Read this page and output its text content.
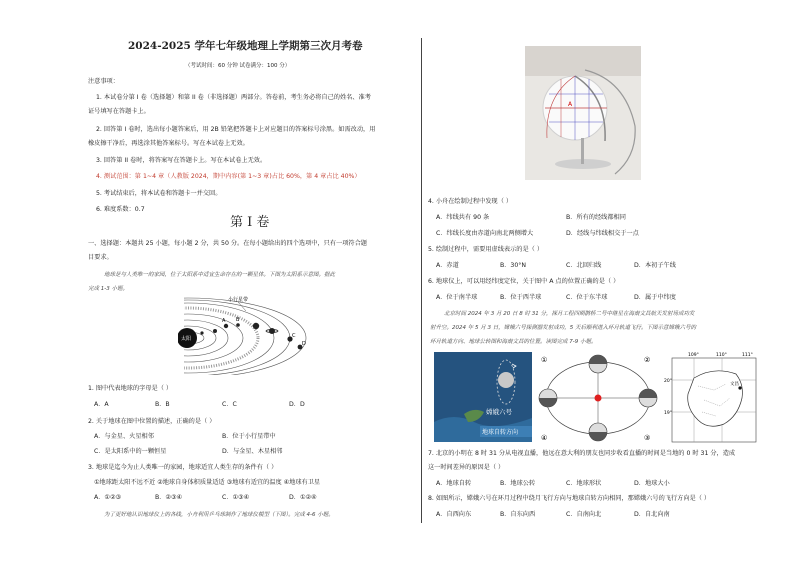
2024-2025 学年七年级地理上学期第三次月考卷
（考试时间：60 分钟 试卷满分：100 分）
注意事项：
1. 本试卷分第 I 卷（选择题）和第 II 卷（非选择题）两部分。答卷前，考生务必将自己的姓名、准考
证号填写在答题卡上。
2. 回答第 I 卷时，选出每小题答案后，用 2B 铅笔把答题卡上对应题目的答案标号涂黑。如需改动，用
橡皮擦干净后，再选涂其他答案标号。写在本试卷上无效。
3. 回答第 II 卷时，将答案写在答题卡上。写在本试卷上无效。
4. 测试范围：第 1~4 章（人教版 2024，期中内容(第 1~3 章)占比 60%，第 4 章占比 40%）
5. 考试结束后，将本试卷和答题卡一并交回。
6. 难度系数：0.7
第 I 卷
一、选择题：本题共 25 小题，每小题 2 分，共 50 分。在每小题给出的四个选项中，只有一项符合题
目要求。
地球是与人类唯一的家园，位于太阳系中适宜生命存在的一颗星体。下图为太阳系示意图。据此
完成 1-3 小题。
太阳
A B
C
D
小行星带
1. 图中代表地球的字母是（ ）
A．A	B．B	C．C	D．D
2. 关于地球在图中位置的描述，正确的是（ ）
A．与金星、火星相邻	B．位于小行星带中
C．是太阳系中的一颗恒星	D．与金星、木星相邻
3. 地球是迄今为止人类唯一的家园，地球适宜人类生存的条件有（ ）
①地球距太阳不远不近 ②地球自身体积质量适适 ③地球有适宜的温度 ④地球有卫星
A．①②③	B．②③④	C．①③④	D．①②④
为了更好地认识地球仪上的各线，小舟利用乒乓球制作了地球仪模型（下图）。完成 4-6 小题。
A
4. 小舟在绘制过程中发现（ ）
A．纬线共有 90 条	B．所有的经线都相同
C．纬线长度由赤道向南北两侧增大	D．经线与纬线相交于一点
5. 绘制过程中，需要用虚线表示的是（ ）
A．赤道	B．30°N	C．北回归线	D．本初子午线
6. 地球仪上，可以用经纬度定位，关于图中 A 点的位置正确的是（ ）
A．位于南半球	B．位于西半球	C．位于东半球	D．属于中纬度
北京时间 2024 年 3 月 20 日 8 时 31 分，探月工程四期鹊桥二号中继星在海南文昌航天发射场成功发
射升空。2024 年 5 月 3 日，嫦娥六号探测器发射成功，5 天后顺利进入环月轨道飞行。下图示意嫦娥六号的
环月轨道方向、地球公转图和海南文昌的位置。读图完成 7-9 小题。
嫦娥六号
地球自转方向
①	②
③
④
文昌
109°	110°	111°
20°
19°
7. 北京的小明在 8 时 31 分从电视直播，他远在意大利的朋友也同步收看直播的时间是当地的 0 时 31 分，造成
这一时间差异的原因是（ ）
A．地球自转	B．地球公转	C．地球形状	D．地球大小
8. 如图所示，嫦娥六号在环月过程中绕月飞行方向与地球自转方向相同，那嫦娥六号的飞行方向是（ ）
A．自西向东	B．自东向西	C．自南向北	D．自北向南
